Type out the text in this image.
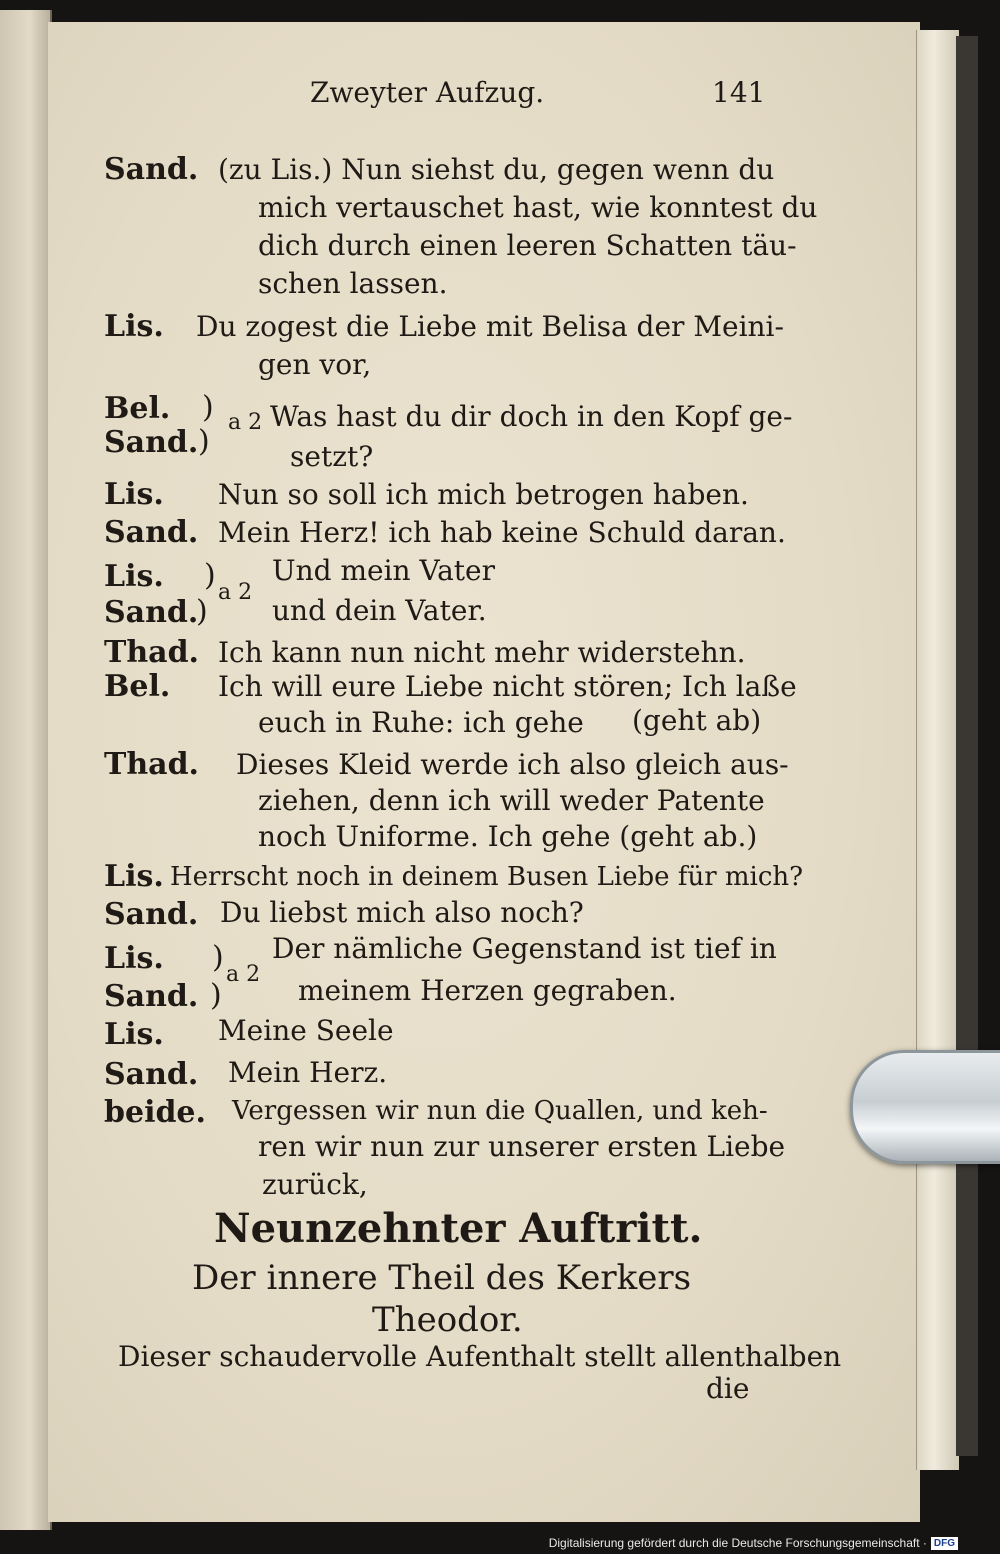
Zweyter Aufzug.	141
Sand. (zu Lis.) Nun siehst du, gegen wenn du
mich vertauschet hast, wie konntest du
dich durch einen leeren Schatten täu-
schen lassen.
Lis. Du zogest die Liebe mit Belisa der Meini-
gen vor,
Bel.
Sand.
)
)
a 2 Was hast du dir doch in den Kopf ge-
setzt?
Lis. Nun so soll ich mich betrogen haben.
Sand. Mein Herz! ich hab keine Schuld daran.
Lis.
Sand.
)
)
a 2
Und mein Vater
und dein Vater.
Thad. Ich kann nun nicht mehr widerstehn.
Bel. Ich will eure Liebe nicht stören; Ich laße
euch in Ruhe: ich gehe (geht ab)
Thad. Dieses Kleid werde ich also gleich aus-
ziehen, denn ich will weder Patente
noch Uniforme. Ich gehe (geht ab.)
Lis. Herrscht noch in deinem Busen Liebe für mich?
Sand. Du liebst mich also noch?
Lis.
Sand.
)
)
a 2
Der nämliche Gegenstand ist tief in
meinem Herzen gegraben.
Lis. Meine Seele
Sand. Mein Herz.
beide. Vergessen wir nun die Quallen, und keh-
ren wir nun zur unserer ersten Liebe
zurück,
Neunzehnter Auftritt.
Der innere Theil des Kerkers
Theodor.
Dieser schaudervolle Aufenthalt stellt allenthalben
die
Digitalisierung gefördert durch die Deutsche Forschungsgemeinschaft · DFG
